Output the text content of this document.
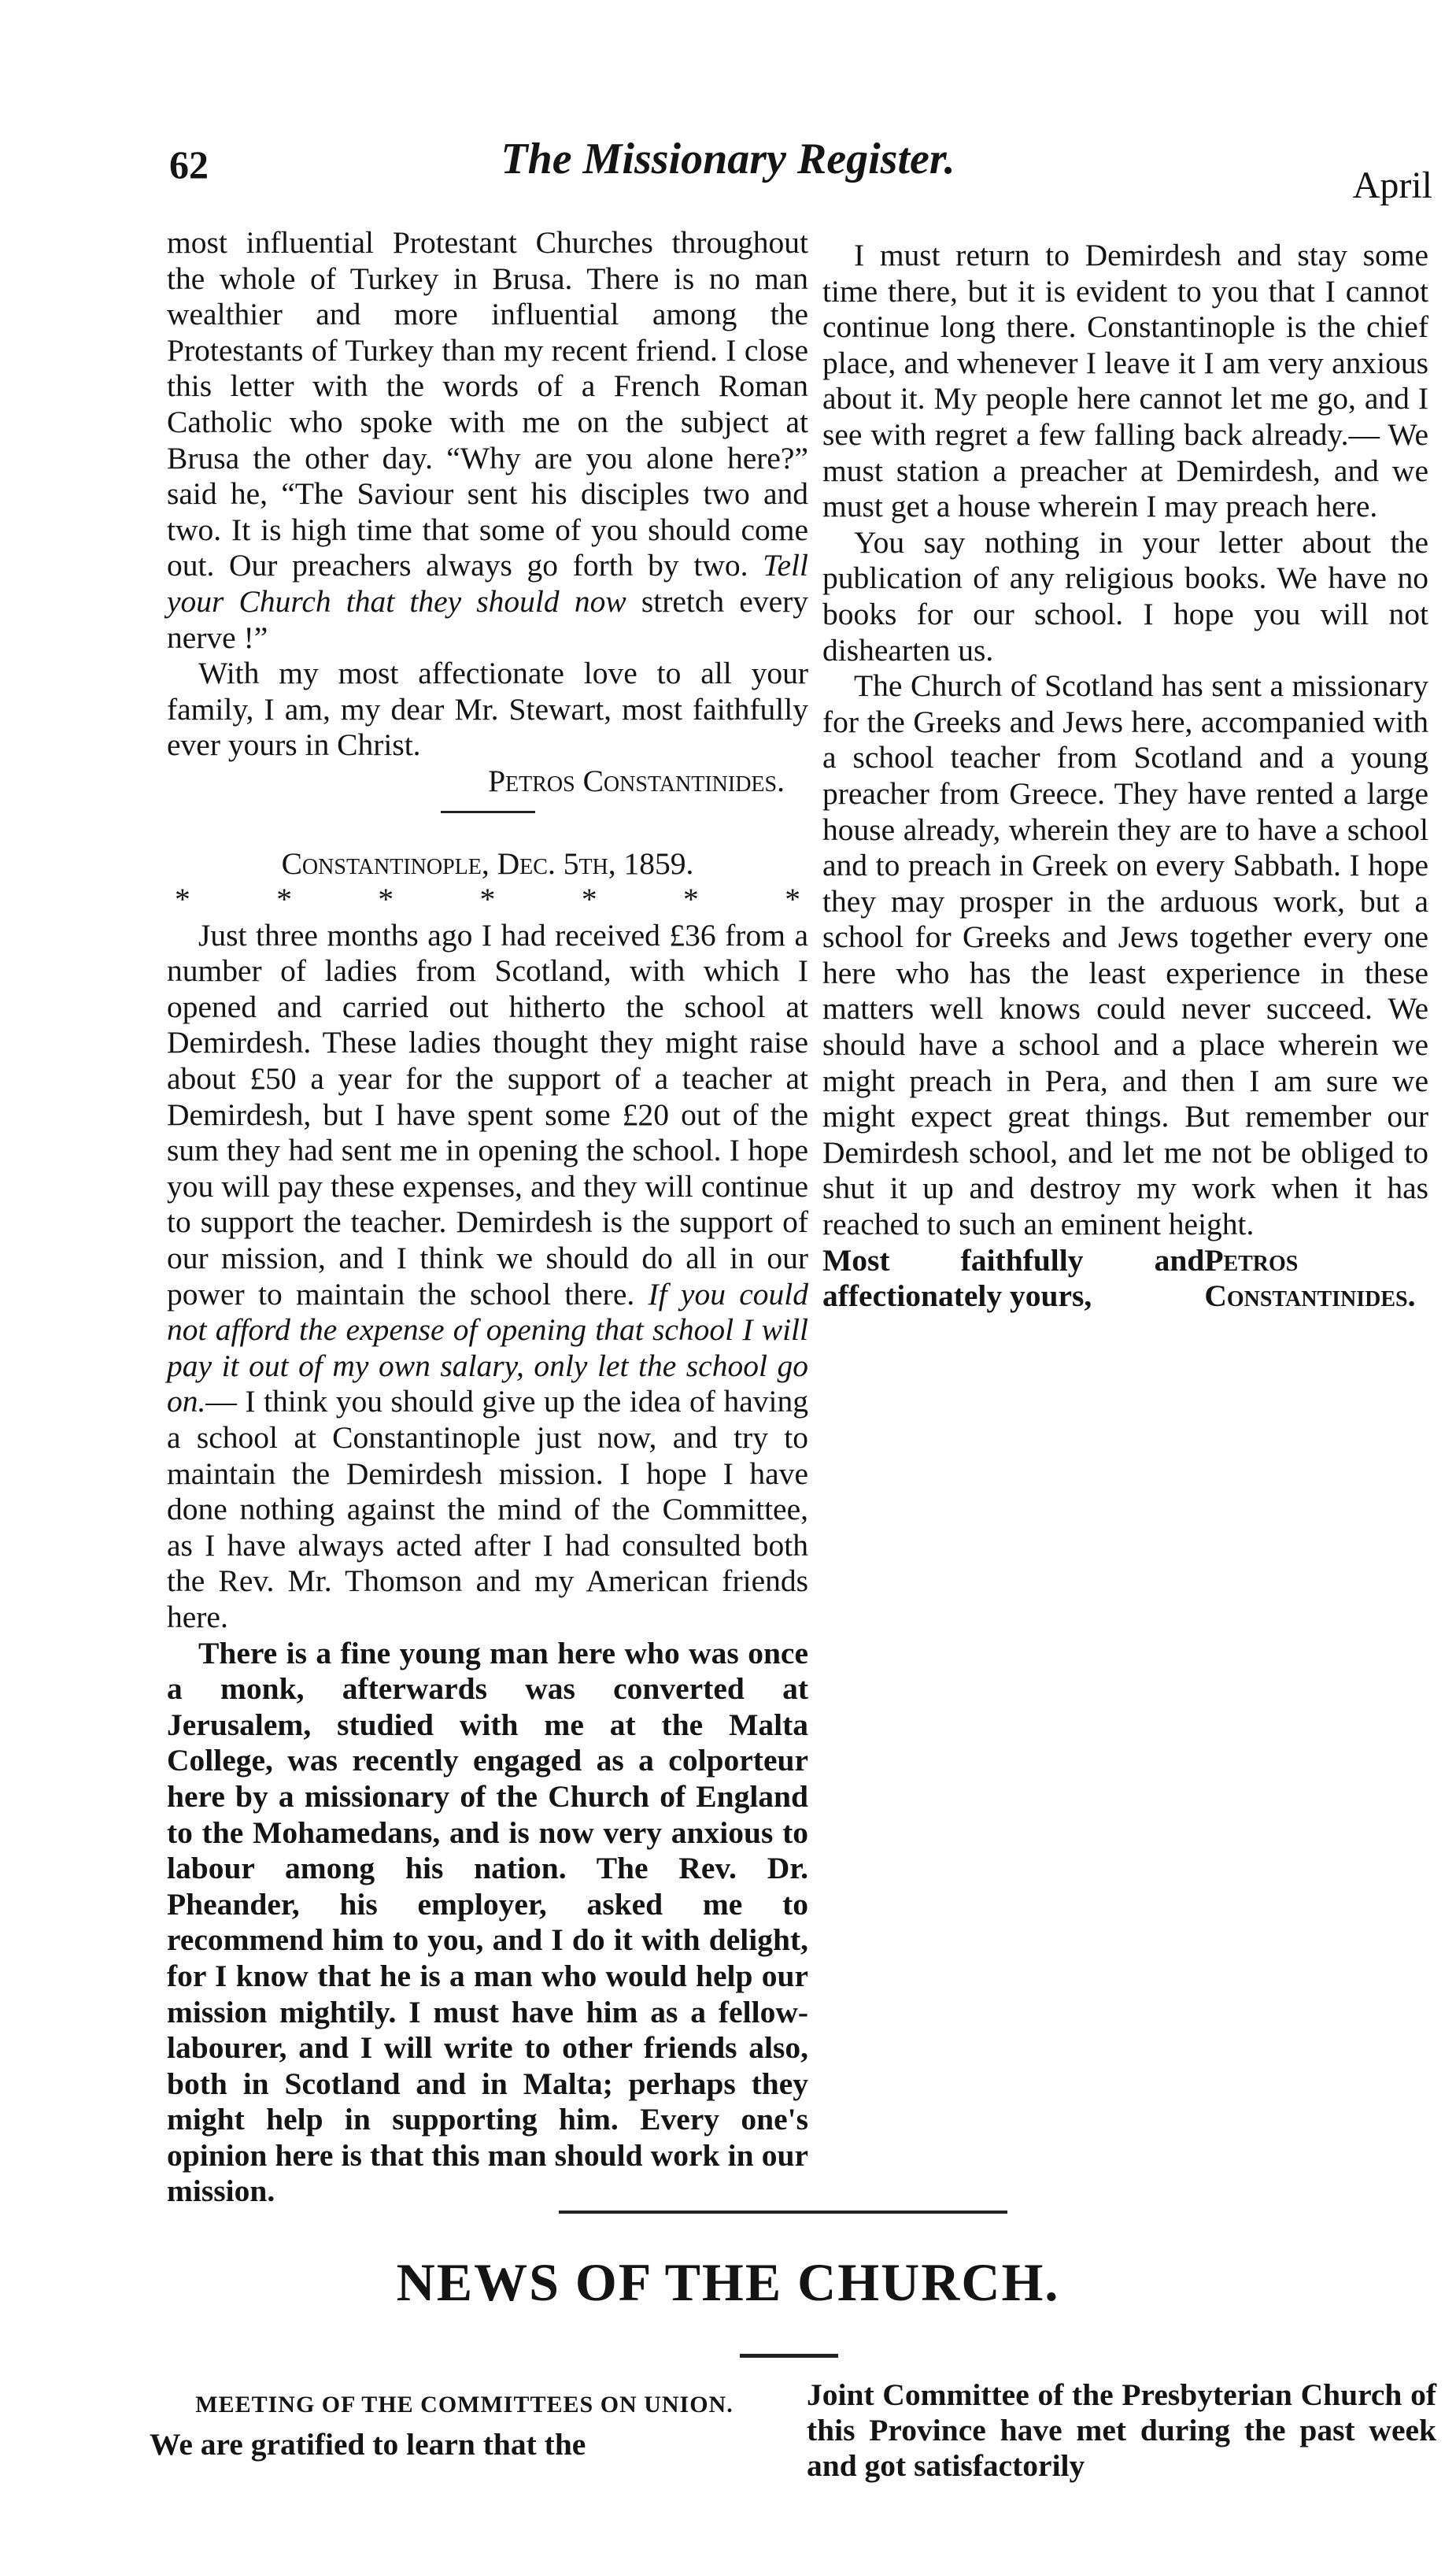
62	The Missionary Register.
April

most influential Protestant Churches throughout the whole of Turkey in Brusa. There is no man wealthier and more influential among the Protestants of Turkey than my recent friend. I close this letter with the words of a French Roman Catholic who spoke with me on the subject at Brusa the other day. “Why are you alone here?” said he, “The Saviour sent his disciples two and two. It is high time that some of you should come out. Our preachers always go forth by two. Tell your Church that they should now stretch every nerve !”

With my most affectionate love to all your family, I am, my dear Mr. Stewart, most faithfully ever yours in Christ.

Petros Constantinides.

Constantinople, Dec. 5th, 1859.

*	*	*	*	*	*	*

Just three months ago I had received £36 from a number of ladies from Scotland, with which I opened and carried out hitherto the school at Demirdesh. These ladies thought they might raise about £50 a year for the support of a teacher at Demirdesh, but I have spent some £20 out of the sum they had sent me in opening the school. I hope you will pay these expenses, and they will continue to support the teacher. Demirdesh is the support of our mission, and I think we should do all in our power to maintain the school there. If you could not afford the expense of opening that school I will pay it out of my own salary, only let the school go on.— I think you should give up the idea of having a school at Constantinople just now, and try to maintain the Demirdesh mission. I hope I have done nothing against the mind of the Committee, as I have always acted after I had consulted both the Rev. Mr. Thomson and my American friends here.

There is a fine young man here who was once a monk, afterwards was converted at Jerusalem, studied with me at the Malta College, was recently engaged as a colporteur here by a missionary of the Church of England to the Mohamedans, and is now very anxious to labour among his nation. The Rev. Dr. Pheander, his employer, asked me to recommend him to you, and I do it with delight, for I know that he is a man who would help our mission mightily. I must have him as a fellow-labourer, and I will write to other friends also, both in Scotland and in Malta; perhaps they might help in supporting him. Every one's opinion here is that this man should work in our mission.

I must return to Demirdesh and stay some time there, but it is evident to you that I cannot continue long there. Constantinople is the chief place, and whenever I leave it I am very anxious about it. My people here cannot let me go, and I see with regret a few falling back already.— We must station a preacher at Demirdesh, and we must get a house wherein I may preach here.

You say nothing in your letter about the publication of any religious books. We have no books for our school. I hope you will not dishearten us.

The Church of Scotland has sent a missionary for the Greeks and Jews here, accompanied with a school teacher from Scotland and a young preacher from Greece. They have rented a large house already, wherein they are to have a school and to preach in Greek on every Sabbath. I hope they may prosper in the arduous work, but a school for Greeks and Jews together every one here who has the least experience in these matters well knows could never succeed. We should have a school and a place wherein we might preach in Pera, and then I am sure we might expect great things. But remember our Demirdesh school, and let me not be obliged to shut it up and destroy my work when it has reached to such an eminent height.

Most faithfully and affectionately yours,
Petros Constantinides.
NEWS OF THE CHURCH.
MEETING OF THE COMMITTEES ON UNION.

We are gratified to learn that the

Joint Committee of the Presbyterian Church of this Province have met during the past week and got satisfactorily
